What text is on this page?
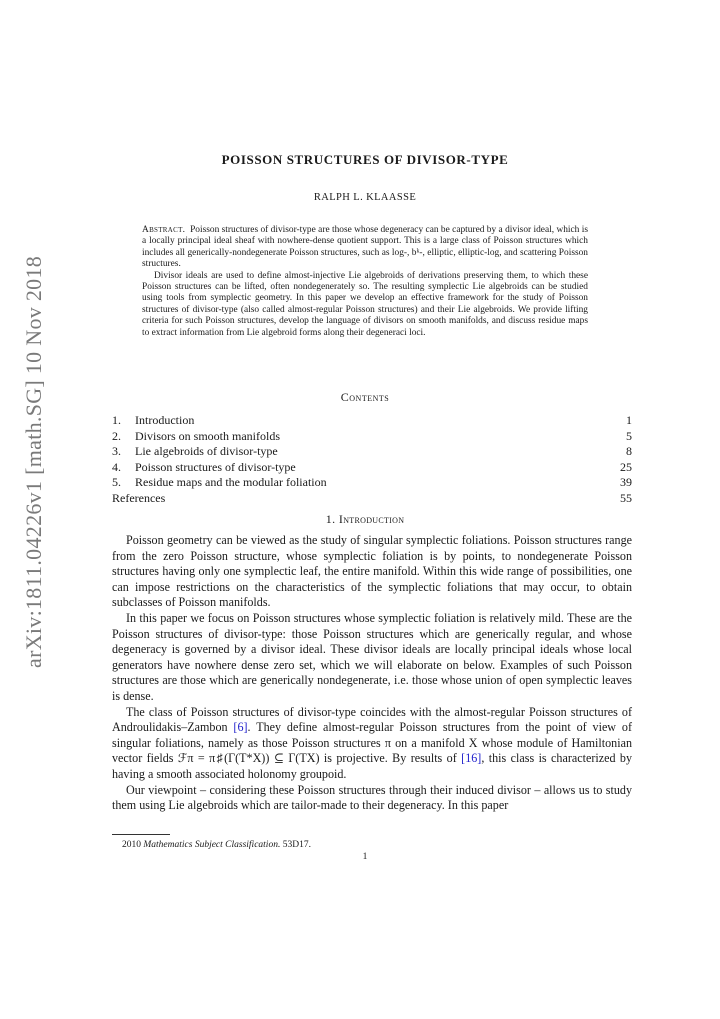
arXiv:1811.04226v1 [math.SG] 10 Nov 2018
POISSON STRUCTURES OF DIVISOR-TYPE
RALPH L. KLAASSE

Abstract. Poisson structures of divisor-type are those whose degeneracy can be captured by a divisor ideal, which is a locally principal ideal sheaf with nowhere-dense quotient support. This is a large class of Poisson structures which includes all generically-nondegenerate Poisson structures, such as log-, bᵏ-, elliptic, elliptic-log, and scattering Poisson structures.

Divisor ideals are used to define almost-injective Lie algebroids of derivations preserving them, to which these Poisson structures can be lifted, often nondegenerately so. The resulting symplectic Lie algebroids can be studied using tools from symplectic geometry. In this paper we develop an effective framework for the study of Poisson structures of divisor-type (also called almost-regular Poisson structures) and their Lie algebroids. We provide lifting criteria for such Poisson structures, develop the language of divisors on smooth manifolds, and discuss residue maps to extract information from Lie algebroid forms along their degeneraci loci.

Contents
1. Introduction	1
2. Divisors on smooth manifolds	5
3. Lie algebroids of divisor-type	8
4. Poisson structures of divisor-type	25
5. Residue maps and the modular foliation	39
References	55
1. Introduction

Poisson geometry can be viewed as the study of singular symplectic foliations. Poisson structures range from the zero Poisson structure, whose symplectic foliation is by points, to nondegenerate Poisson structures having only one symplectic leaf, the entire manifold. Within this wide range of possibilities, one can impose restrictions on the characteristics of the symplectic foliations that may occur, to obtain subclasses of Poisson manifolds.

In this paper we focus on Poisson structures whose symplectic foliation is relatively mild. These are the Poisson structures of divisor-type: those Poisson structures which are generically regular, and whose degeneracy is governed by a divisor ideal. These divisor ideals are locally principal ideals whose local generators have nowhere dense zero set, which we will elaborate on below. Examples of such Poisson structures are those which are generically nondegenerate, i.e. those whose union of open symplectic leaves is dense.

The class of Poisson structures of divisor-type coincides with the almost-regular Poisson structures of Androulidakis–Zambon [6]. They define almost-regular Poisson structures from the point of view of singular foliations, namely as those Poisson structures π on a manifold X whose module of Hamiltonian vector fields ℱπ = π♯(Γ(T*X)) ⊆ Γ(TX) is projective. By results of [16], this class is characterized by having a smooth associated holonomy groupoid.

Our viewpoint – considering these Poisson structures through their induced divisor – allows us to study them using Lie algebroids which are tailor-made to their degeneracy. In this paper

2010 Mathematics Subject Classification. 53D17.
1
